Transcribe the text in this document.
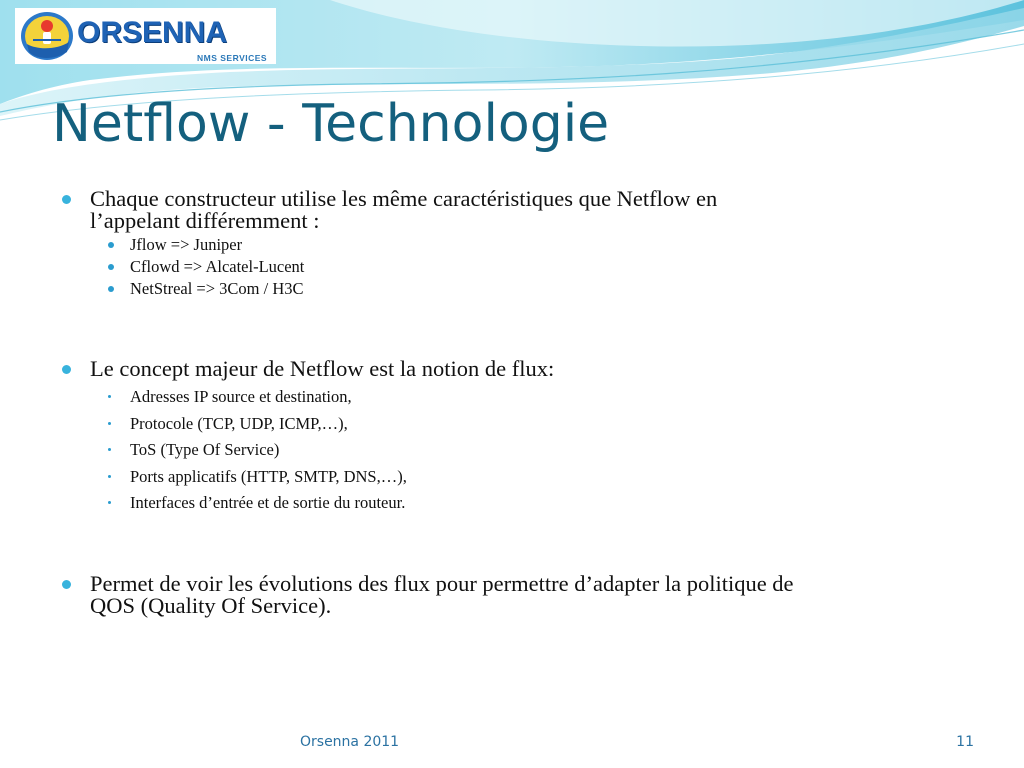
ORSENNA
NMS SERVICES
Netflow - Technologie
Chaque constructeur utilise les même caractéristiques que Netflow en
l’appelant différemment :
Jflow => Juniper
Cflowd => Alcatel-Lucent
NetStreal => 3Com / H3C
Le concept majeur de Netflow est la notion de flux:
Adresses IP source et destination,
Protocole (TCP, UDP, ICMP,…),
ToS (Type Of Service)
Ports applicatifs (HTTP, SMTP, DNS,…),
Interfaces d’entrée et de sortie du routeur.
Permet de voir les évolutions des flux pour permettre d’adapter la politique de
QOS (Quality Of Service).
Orsenna 2011	11
